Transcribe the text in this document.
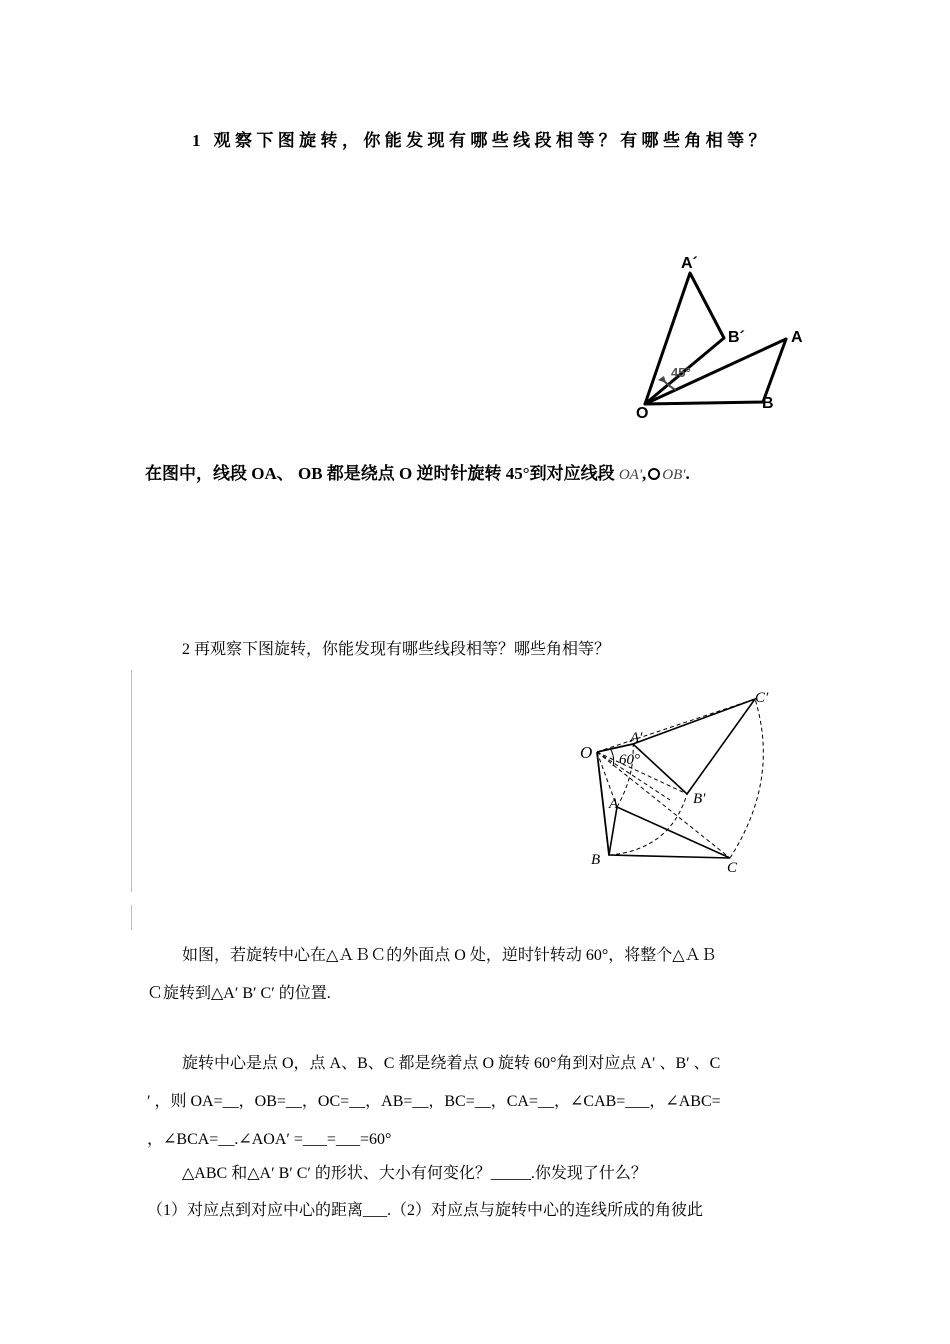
1 观察下图旋转，你能发现有哪些线段相等？有哪些角相等？
45°
A´
B´	A
B
O
在图中，线段 OA、 OB 都是绕点 O 逆时针旋转 45°到对应线段 OA', OB'.
2 再观察下图旋转，你能发现有哪些线段相等？哪些角相等？
60°
O
A
B	C
A′
B′
C′
如图，若旋转中心在△ＡＢＣ的外面点 O 处，逆时针转动 60°，将整个△ＡＢ
Ｃ旋转到△A′ B′ C′ 的位置.
旋转中心是点 O，点 A、B、C 都是绕着点 O 旋转 60°角到对应点 A′ 、B′ 、C
′ ，则 OA=__，OB=__，OC=__，AB=__，BC=__，CA=__，∠CAB=___，∠ABC=
，∠BCA=__.∠AOA′ =___=___=60°
△ABC 和△A′ B′ C′ 的形状、大小有何变化？_____.你发现了什么？
（1）对应点到对应中心的距离___.（2）对应点与旋转中心的连线所成的角彼此
